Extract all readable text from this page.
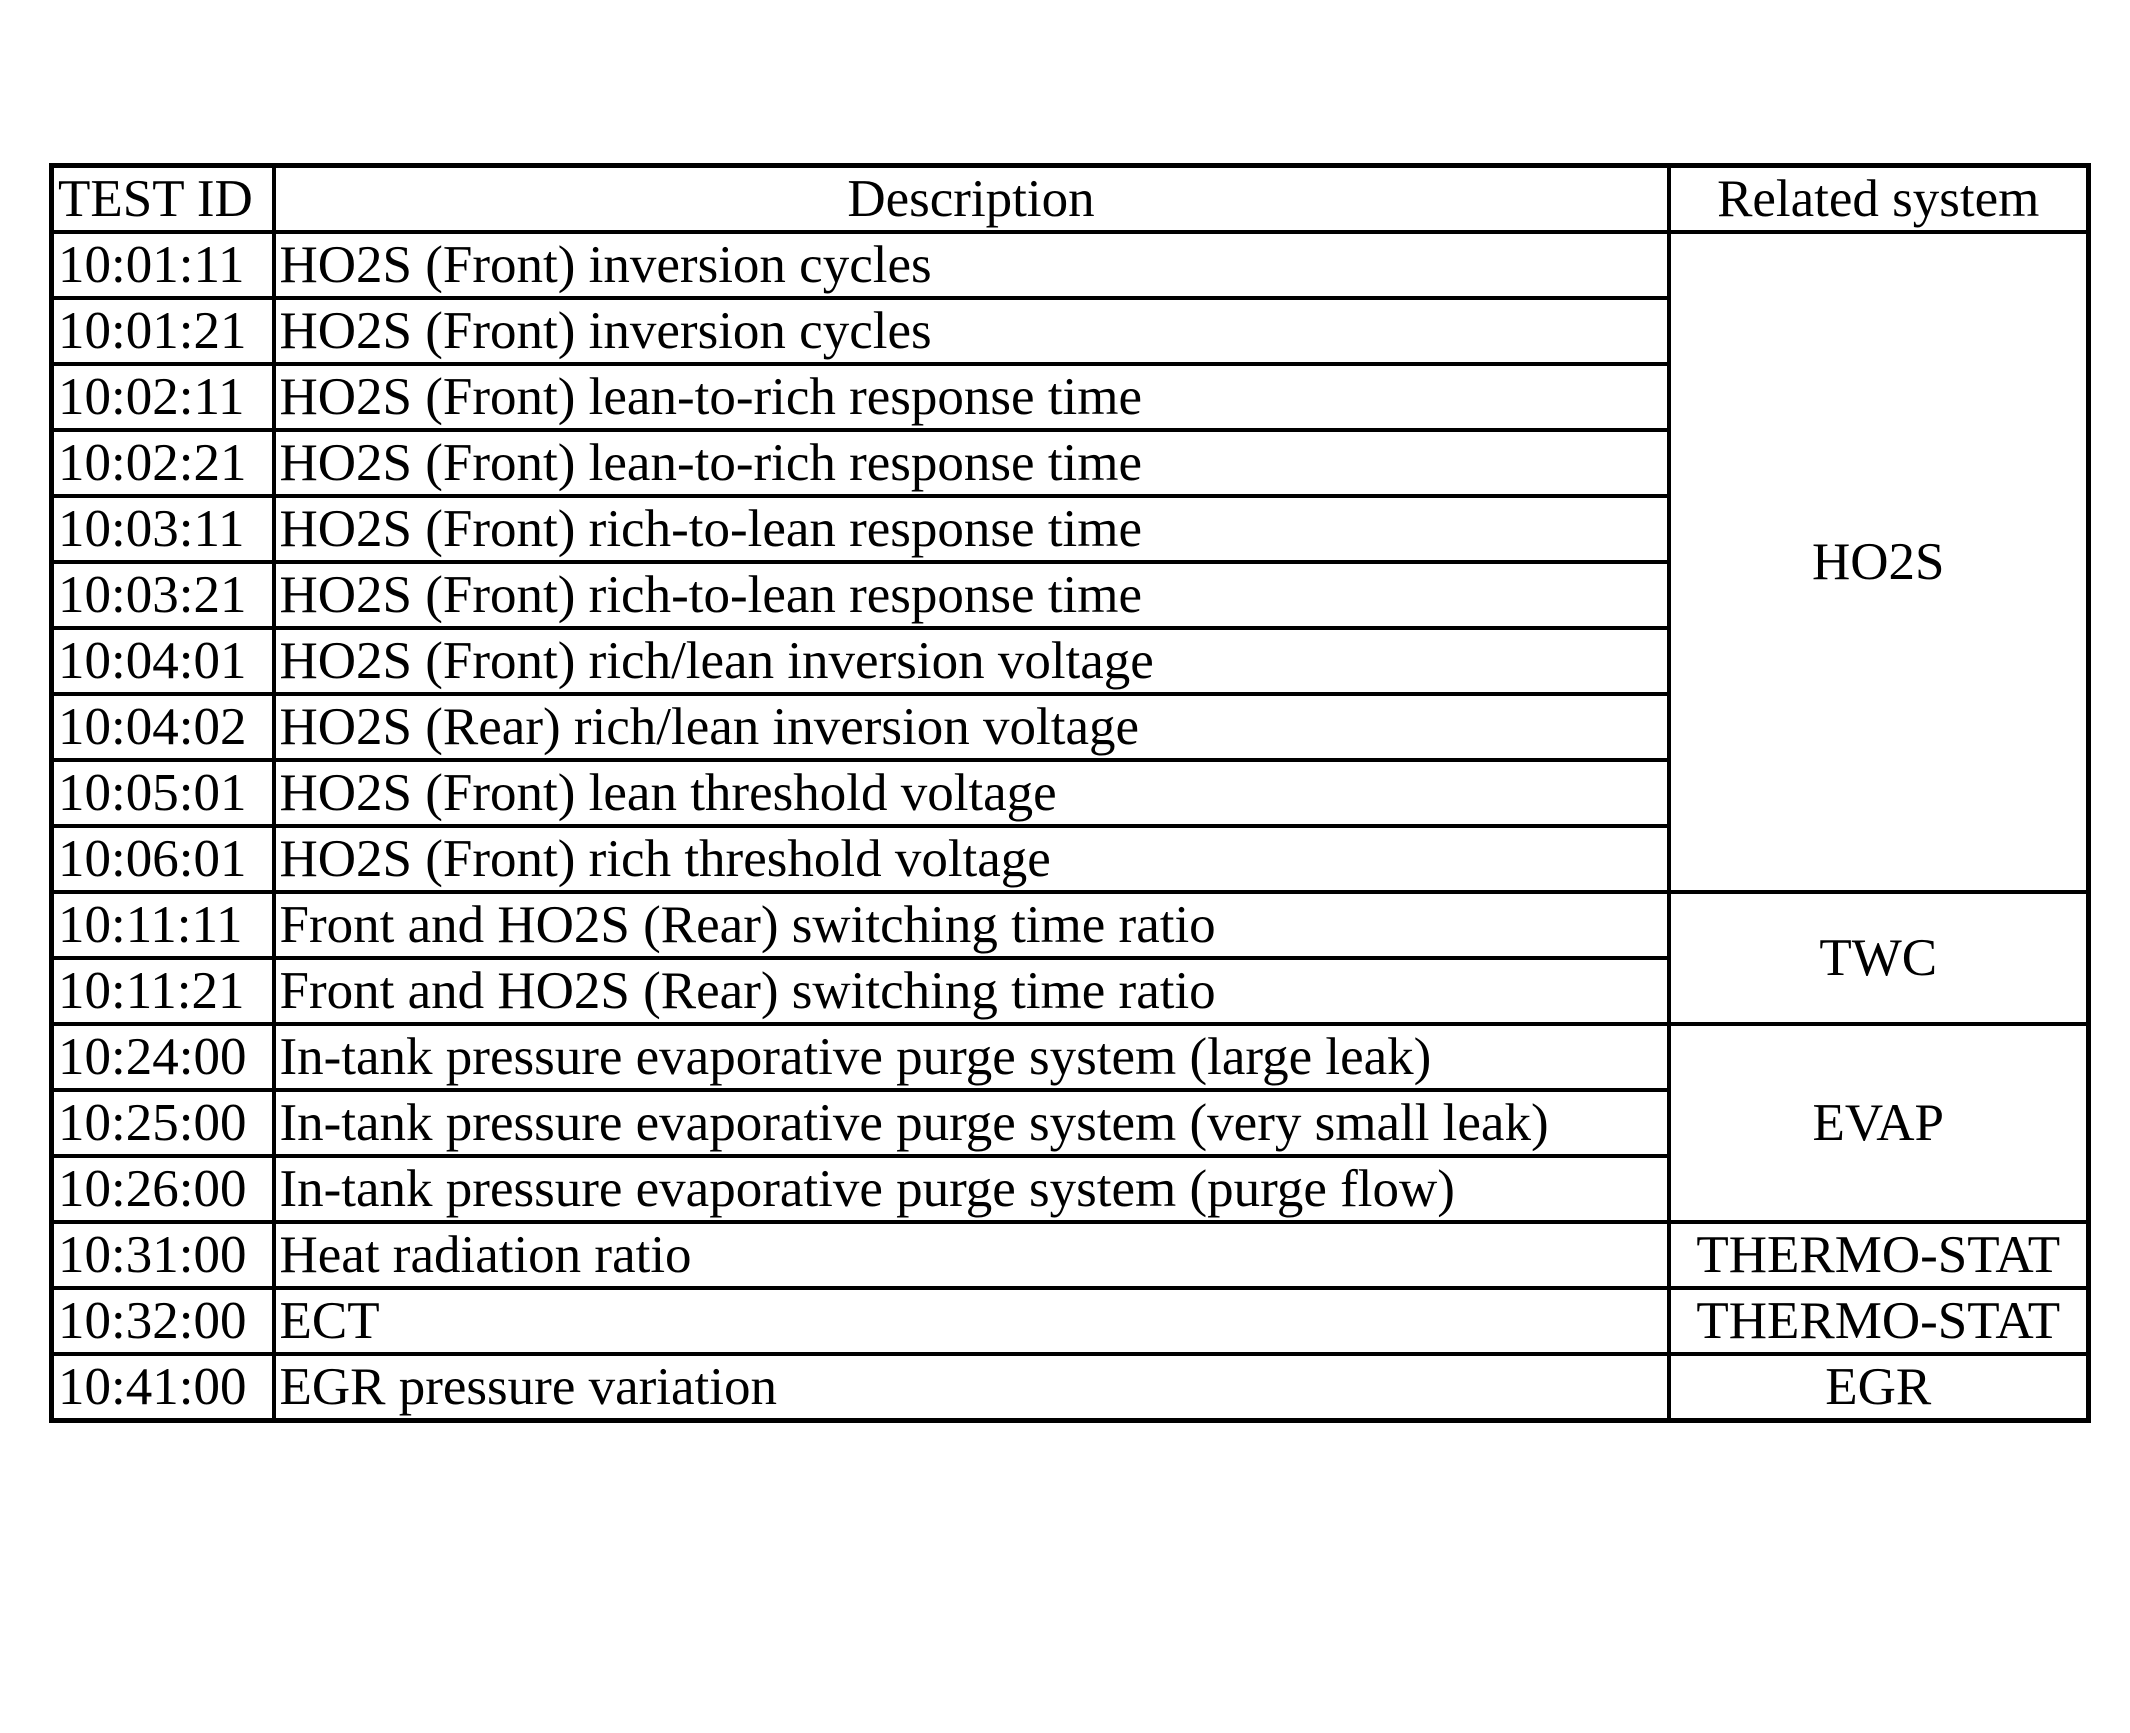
TEST ID	Description	Related system
10:01:11	HO2S (Front) inversion cycles	HO2S
10:01:21	HO2S (Front) inversion cycles	
10:02:11	HO2S (Front) lean-to-rich response time	
10:02:21	HO2S (Front) lean-to-rich response time	
10:03:11	HO2S (Front) rich-to-lean response time	
10:03:21	HO2S (Front) rich-to-lean response time	
10:04:01	HO2S (Front) rich/lean inversion voltage	
10:04:02	HO2S (Rear) rich/lean inversion voltage	
10:05:01	HO2S (Front) lean threshold voltage	
10:06:01	HO2S (Front) rich threshold voltage	
10:11:11	Front and HO2S (Rear) switching time ratio	TWC
10:11:21	Front and HO2S (Rear) switching time ratio	
10:24:00	In-tank pressure evaporative purge system (large leak)	EVAP
10:25:00	In-tank pressure evaporative purge system (very small leak)	
10:26:00	In-tank pressure evaporative purge system (purge flow)	
10:31:00	Heat radiation ratio	THERMO-STAT
10:32:00	ECT	THERMO-STAT
10:41:00	EGR pressure variation	EGR
